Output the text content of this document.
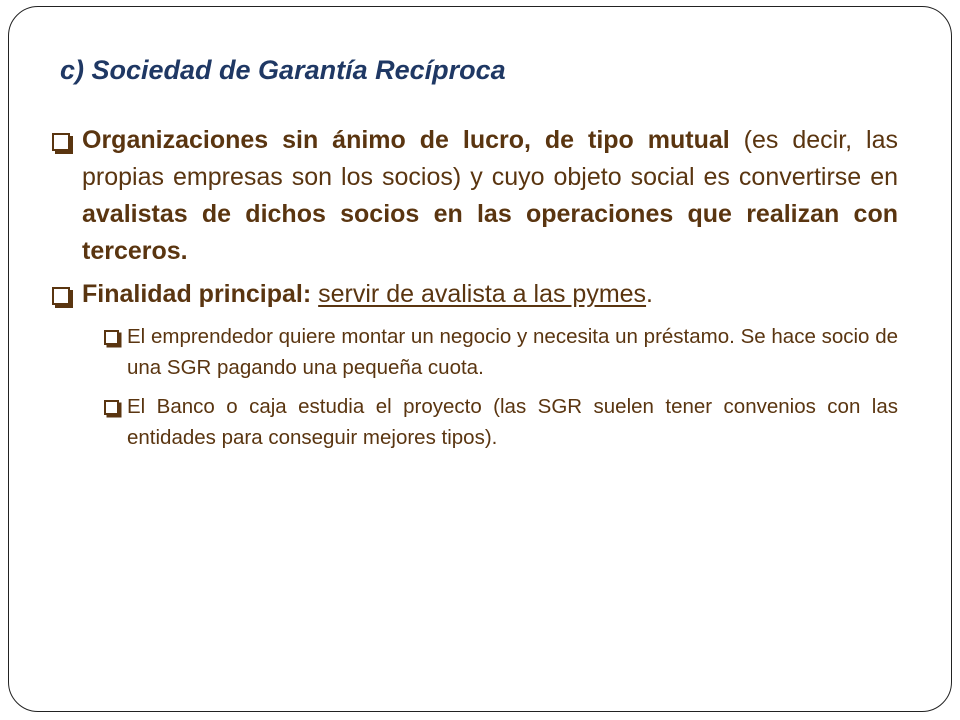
c) Sociedad de Garantía Recíproca
Organizaciones sin ánimo de lucro, de tipo mutual (es decir, las propias empresas son los socios) y cuyo objeto social es convertirse en avalistas de dichos socios en las operaciones que realizan con terceros.
Finalidad principal: servir de avalista a las pymes.
El emprendedor quiere montar un negocio y necesita un préstamo. Se hace socio de una SGR pagando una pequeña cuota.
El Banco o caja estudia el proyecto (las SGR suelen tener convenios con las entidades para conseguir mejores tipos).
